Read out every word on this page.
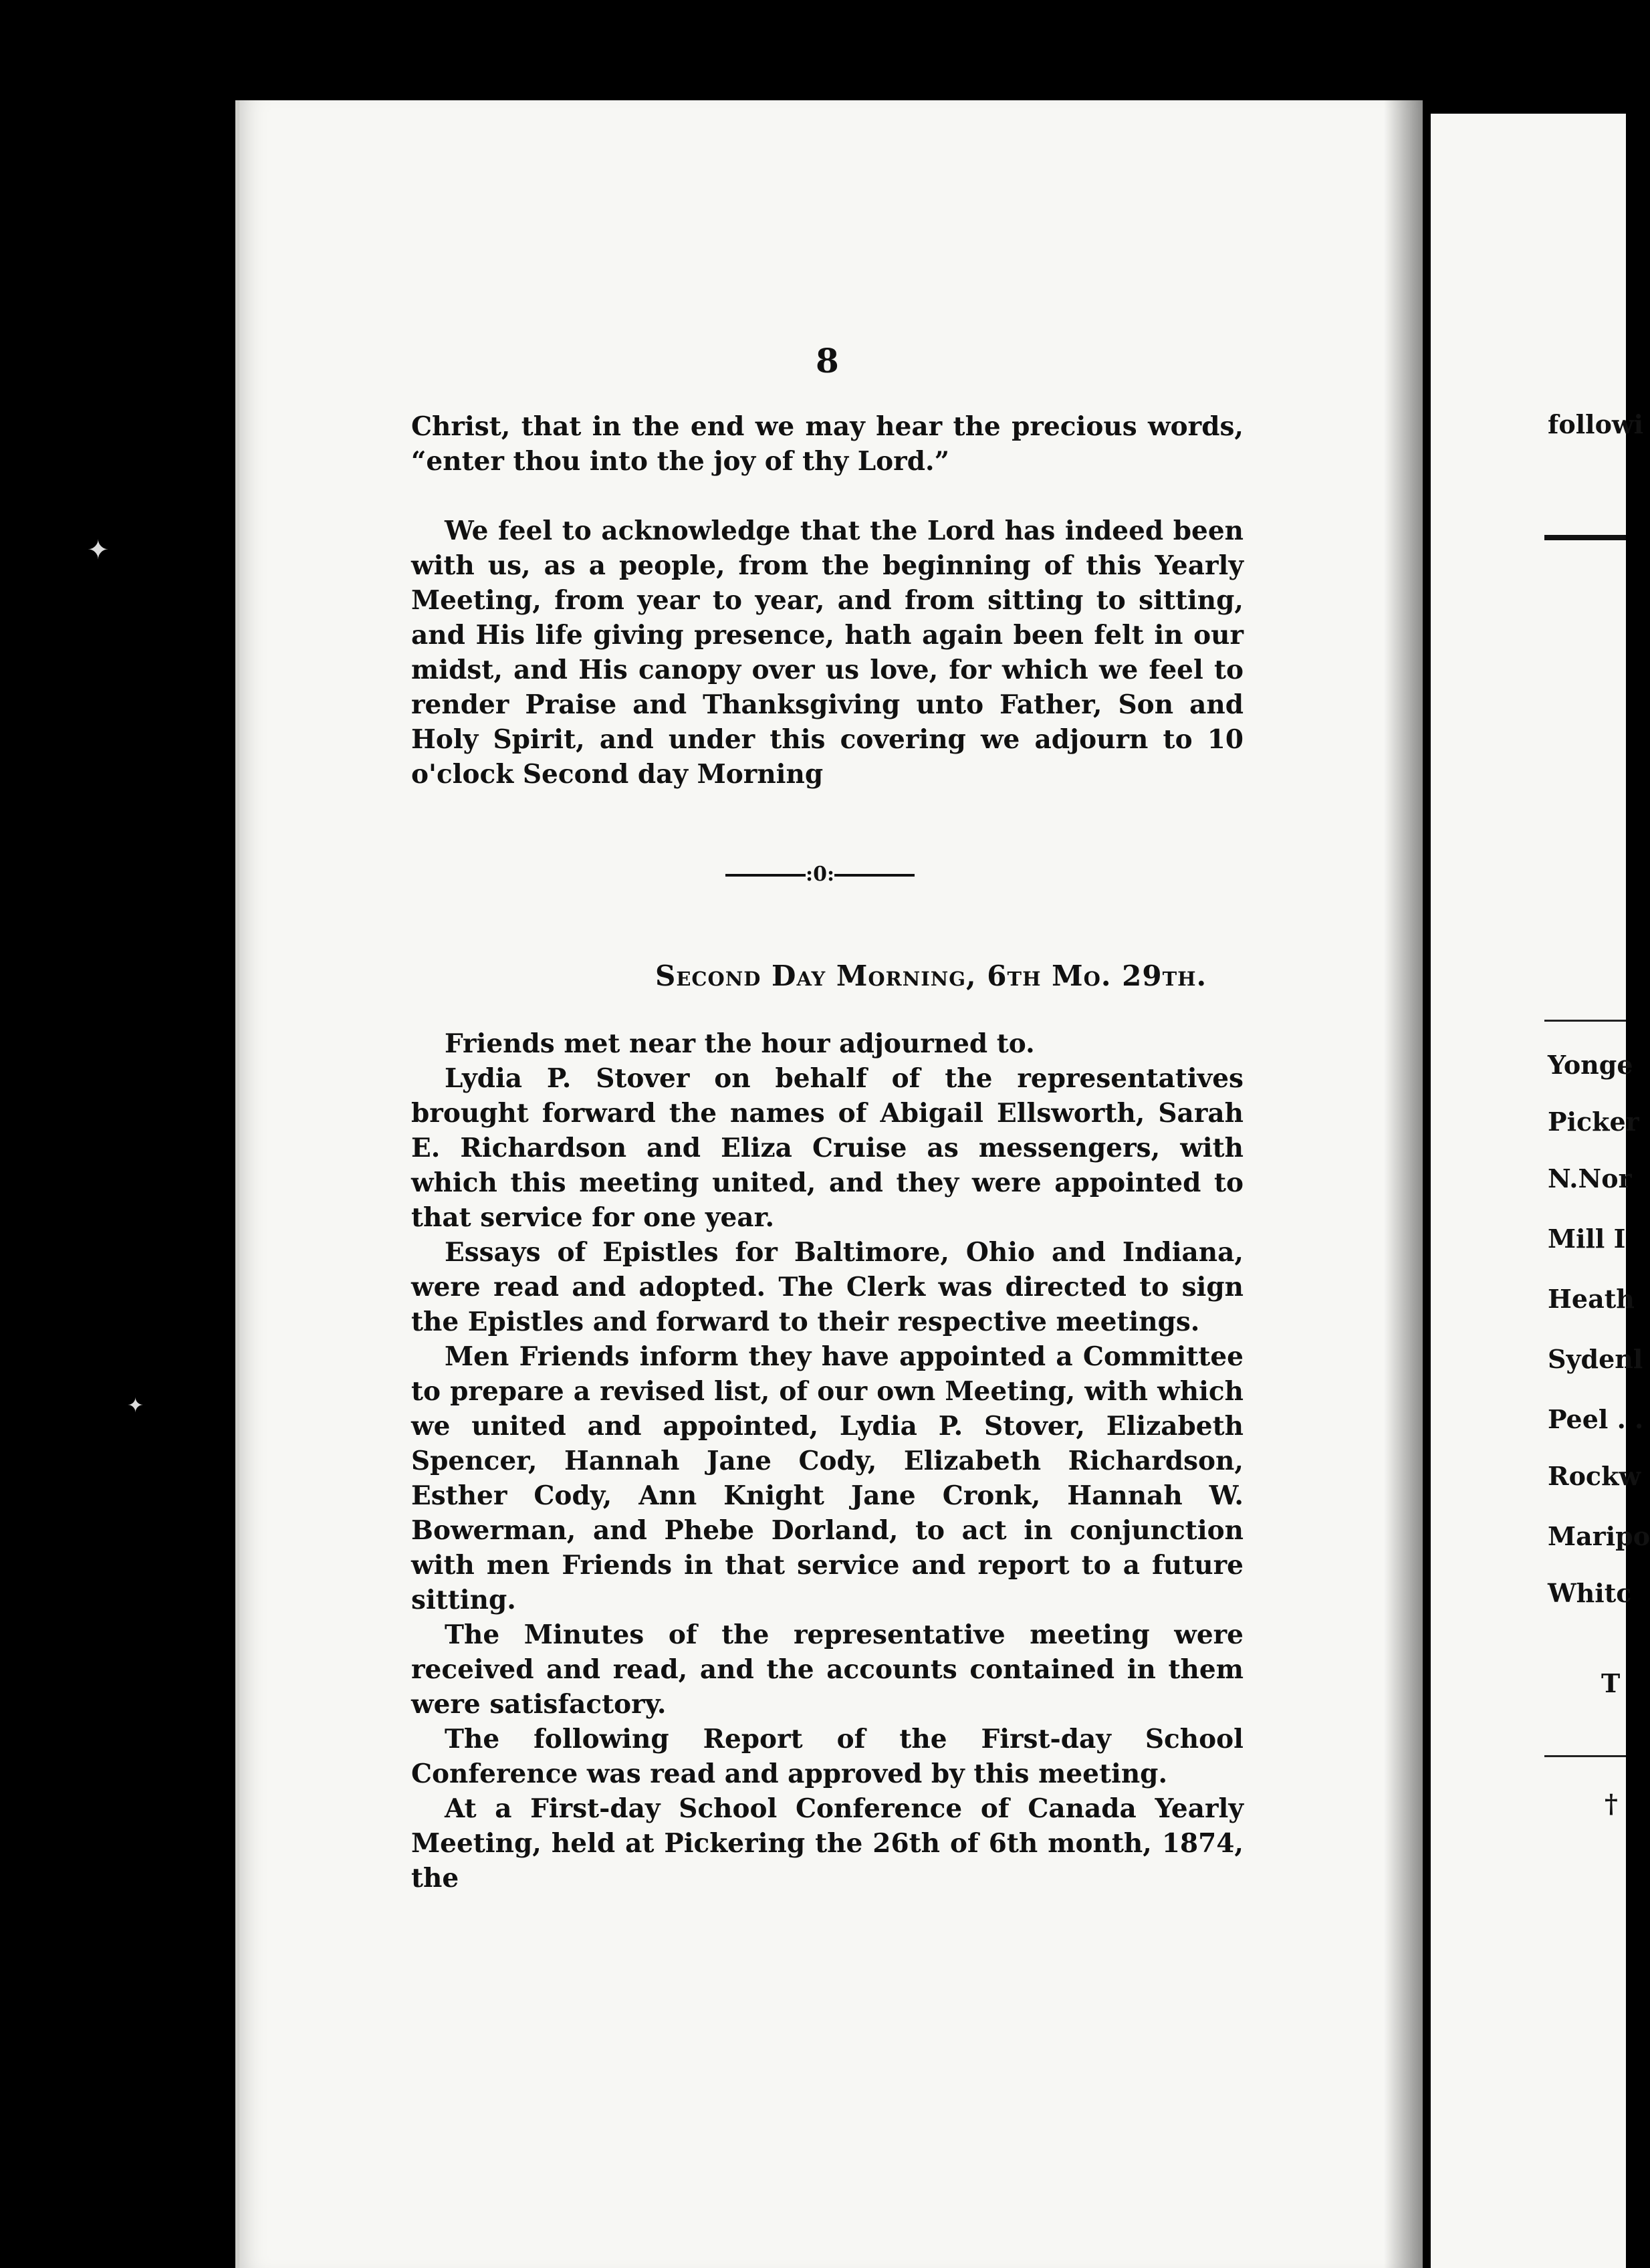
✦
✦
8

Christ, that in the end we may hear the precious words, “enter thou into the joy of thy Lord.”

We feel to acknowledge that the Lord has indeed been with us, as a people, from the beginning of this Yearly Meeting, from year to year, and from sitting to sitting, and His life giving presence, hath again been felt in our midst, and His canopy over us love, for which we feel to render Praise and Thanksgiving unto Father, Son and Holy Spirit, and under this covering we adjourn to 10 o'clock Second day Morning

:0:
Second Day Morning, 6th Mo. 29th.

Friends met near the hour adjourned to.

Lydia P. Stover on behalf of the representatives brought forward the names of Abigail Ellsworth, Sarah E. Richardson and Eliza Cruise as messengers, with which this meeting united, and they were appointed to that service for one year.

Essays of Epistles for Baltimore, Ohio and Indiana, were read and adopted. The Clerk was directed to sign the Epistles and forward to their respective meetings.

Men Friends inform they have appointed a Committee to prepare a revised list, of our own Meeting, with which we united and appointed, Lydia P. Stover, Elizabeth Spencer, Hannah Jane Cody, Elizabeth Richardson, Esther Cody, Ann Knight Jane Cronk, Hannah W. Bowerman, and Phebe Dorland, to act in conjunction with men Friends in that service and report to a future sitting.

The Minutes of the representative meeting were received and read, and the accounts contained in them were satisfactory.

The following Report of the First-day School Conference was read and approved by this meeting.

At a First-day School Conference of Canada Yearly Meeting, held at Pickering the 26th of 6th month, 1874, the

followi
Yonge
Picker
N.Nor
Mill I
Heath
Sydenl
Peel . .
Rockw
Maripo
Whitc
T
†
